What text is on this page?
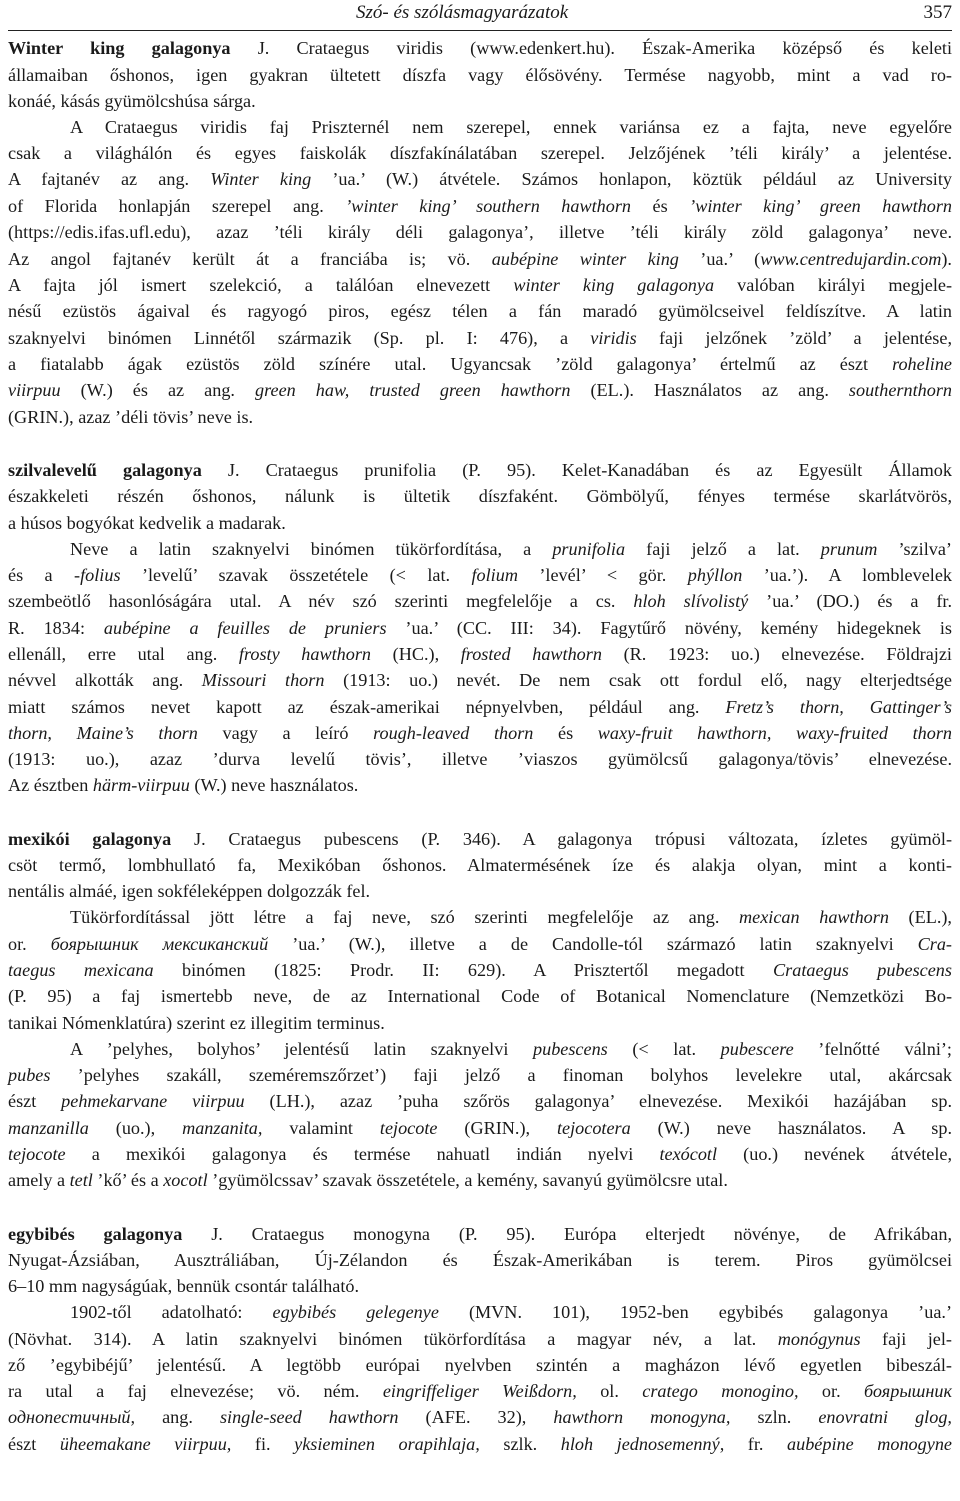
Szó- és szólásmagyarázatok	357
Winter king galagonya J. Crataegus viridis (www.edenkert.hu). Észak-Amerika középső és keleti
államaiban őshonos, igen gyakran ültetett díszfa vagy élősövény. Termése nagyobb, mint a vad ro-
konáé, kásás gyümölcshúsa sárga.
A Crataegus viridis faj Priszternél nem szerepel, ennek variánsa ez a fajta, neve egyelőre
csak a világhálón és egyes faiskolák díszfakínálatában szerepel. Jelzőjének ’téli király’ a jelentése.
A fajtanév az ang. Winter king ’ua.’ (W.) átvétele. Számos honlapon, köztük például az University
of Florida honlapján szerepel ang. ’winter king’ southern hawthorn és ’winter king’ green hawthorn
(https://edis.ifas.ufl.edu), azaz ’téli király déli galagonya’, illetve ’téli király zöld galagonya’ neve.
Az angol fajtanév került át a franciába is; vö. aubépine winter king ’ua.’ (www.centredujardin.com).
A fajta jól ismert szelekció, a találóan elnevezett winter king galagonya valóban királyi megjele-
nésű ezüstös ágaival és ragyogó piros, egész télen a fán maradó gyümölcseivel feldíszítve. A latin
szaknyelvi binómen Linnétől származik (Sp. pl. I: 476), a viridis faji jelzőnek ’zöld’ a jelentése,
a fiatalabb ágak ezüstös zöld színére utal. Ugyancsak ’zöld galagonya’ értelmű az észt roheline
viirpuu (W.) és az ang. green haw, trusted green hawthorn (EL.). Használatos az ang. southernthorn
(GRIN.), azaz ’déli tövis’ neve is.
szilvalevelű galagonya J. Crataegus prunifolia (P. 95). Kelet-Kanadában és az Egyesült Államok
északkeleti részén őshonos, nálunk is ültetik díszfaként. Gömbölyű, fényes termése skarlátvörös,
a húsos bogyókat kedvelik a madarak.
Neve a latin szaknyelvi binómen tükörfordítása, a prunifolia faji jelző a lat. prunum ’szilva’
és a -folius ’levelű’ szavak összetétele (< lat. folium ’levél’ < gör. phýllon ’ua.’). A lomblevelek
szembeötlő hasonlóságára utal. A név szó szerinti megfelelője a cs. hloh slívolistý ’ua.’ (DO.) és a fr.
R. 1834: aubépine a feuilles de pruniers ’ua.’ (CC. III: 34). Fagytűrő növény, kemény hidegeknek is
ellenáll, erre utal ang. frosty hawthorn (HC.), frosted hawthorn (R. 1923: uo.) elnevezése. Földrajzi
névvel alkották ang. Missouri thorn (1913: uo.) nevét. De nem csak ott fordul elő, nagy elterjedtsége
miatt számos nevet kapott az észak-amerikai népnyelvben, például ang. Fretz’s thorn, Gattinger’s
thorn, Maine’s thorn vagy a leíró rough-leaved thorn és waxy-fruit hawthorn, waxy-fruited thorn
(1913: uo.), azaz ’durva levelű tövis’, illetve ’viaszos gyümölcsű galagonya/tövis’ elnevezése.
Az észtben härm-viirpuu (W.) neve használatos.
mexikói galagonya J. Crataegus pubescens (P. 346). A galagonya trópusi változata, ízletes gyümöl-
csöt termő, lombhullató fa, Mexikóban őshonos. Almatermésének íze és alakja olyan, mint a konti-
nentális almáé, igen sokféleképpen dolgozzák fel.
Tükörfordítással jött létre a faj neve, szó szerinti megfelelője az ang. mexican hawthorn (EL.),
or. боярышник мексиканский ’ua.’ (W.), illetve a de Candolle-tól származó latin szaknyelvi Cra-
taegus mexicana binómen (1825: Prodr. II: 629). A Prisztertől megadott Crataegus pubescens
(P. 95) a faj ismertebb neve, de az International Code of Botanical Nomenclature (Nemzetközi Bo-
tanikai Nómenklatúra) szerint ez illegitim terminus.
A ’pelyhes, bolyhos’ jelentésű latin szaknyelvi pubescens (< lat. pubescere ’felnőtté válni’;
pubes ’pelyhes szakáll, szeméremszőrzet’) faji jelző a finoman bolyhos levelekre utal, akárcsak
észt pehmekarvane viirpuu (LH.), azaz ’puha szőrös galagonya’ elnevezése. Mexikói hazájában sp.
manzanilla (uo.), manzanita, valamint tejocote (GRIN.), tejocotera (W.) neve használatos. A sp.
tejocote a mexikói galagonya és termése nahuatl indián nyelvi texócotl (uo.) nevének átvétele,
amely a tetl ’kő’ és a xocotl ’gyümölcssav’ szavak összetétele, a kemény, savanyú gyümölcsre utal.
egybibés galagonya J. Crataegus monogyna (P. 95). Európa elterjedt növénye, de Afrikában,
Nyugat-Ázsiában, Ausztráliában, Új-Zélandon és Észak-Amerikában is terem. Piros gyümölcsei
6–10 mm nagyságúak, bennük csontár található.
1902-től adatolható: egybibés gelegenye (MVN. 101), 1952-ben egybibés galagonya ’ua.’
(Növhat. 314). A latin szaknyelvi binómen tükörfordítása a magyar név, a lat. monógynus faji jel-
ző ’egybibéjű’ jelentésű. A legtöbb európai nyelvben szintén a magházon lévő egyetlen bibeszál-
ra utal a faj elnevezése; vö. ném. eingriffeliger Weißdorn, ol. cratego monogino, or. боярышник
однопестичный, ang. single-seed hawthorn (AFE. 32), hawthorn monogyna, szln. enovratni glog,
észt üheemakane viirpuu, fi. yksieminen orapihlaja, szlk. hloh jednosemenný, fr. aubépine monogyne
